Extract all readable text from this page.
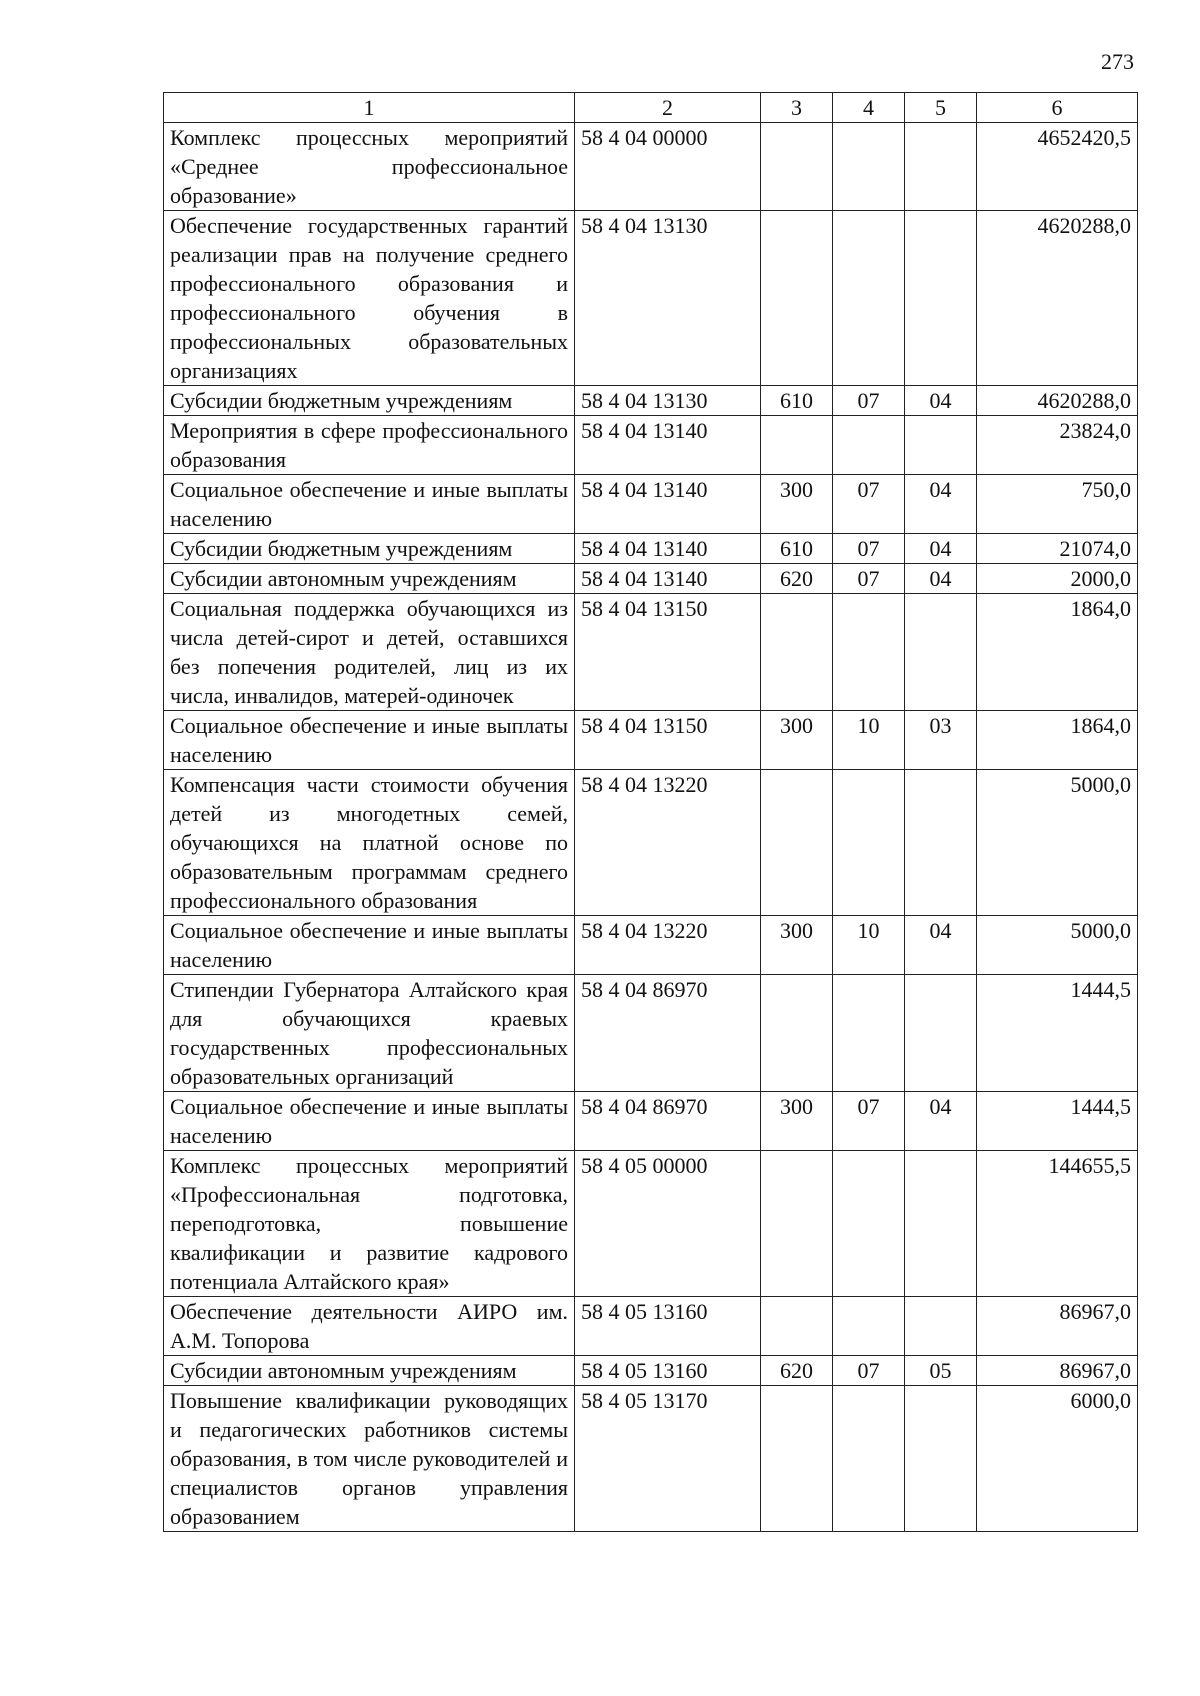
273
1	2	3	4	5	6
Комплекс процессных мероприятий «Среднее профессиональное образование»	58 4 04 00000				4652420,5
Обеспечение государственных гарантий реализации прав на получение среднего профессионального образования и профессионального обучения в профессиональных образовательных организациях	58 4 04 13130				4620288,0
Субсидии бюджетным учреждениям	58 4 04 13130	610	07	04	4620288,0
Мероприятия в сфере профессионального образования	58 4 04 13140				23824,0
Социальное обеспечение и иные выплаты населению	58 4 04 13140	300	07	04	750,0
Субсидии бюджетным учреждениям	58 4 04 13140	610	07	04	21074,0
Субсидии автономным учреждениям	58 4 04 13140	620	07	04	2000,0
Социальная поддержка обучающихся из числа детей-сирот и детей, оставшихся без попечения родителей, лиц из их числа, инвалидов, матерей-одиночек	58 4 04 13150				1864,0
Социальное обеспечение и иные выплаты населению	58 4 04 13150	300	10	03	1864,0
Компенсация части стоимости обучения детей из многодетных семей, обучающихся на платной основе по образовательным программам среднего профессионального образования	58 4 04 13220				5000,0
Социальное обеспечение и иные выплаты населению	58 4 04 13220	300	10	04	5000,0
Стипендии Губернатора Алтайского края для обучающихся краевых государственных профессиональных образовательных организаций	58 4 04 86970				1444,5
Социальное обеспечение и иные выплаты населению	58 4 04 86970	300	07	04	1444,5
Комплекс процессных мероприятий «Профессиональная подготовка, переподготовка, повышение квалификации и развитие кадрового потенциала Алтайского края»	58 4 05 00000				144655,5
Обеспечение деятельности АИРО им. А.М. Топорова	58 4 05 13160				86967,0
Субсидии автономным учреждениям	58 4 05 13160	620	07	05	86967,0
Повышение квалификации руководящих и педагогических работников системы образования, в том числе руководителей и специалистов органов управления образованием	58 4 05 13170				6000,0
